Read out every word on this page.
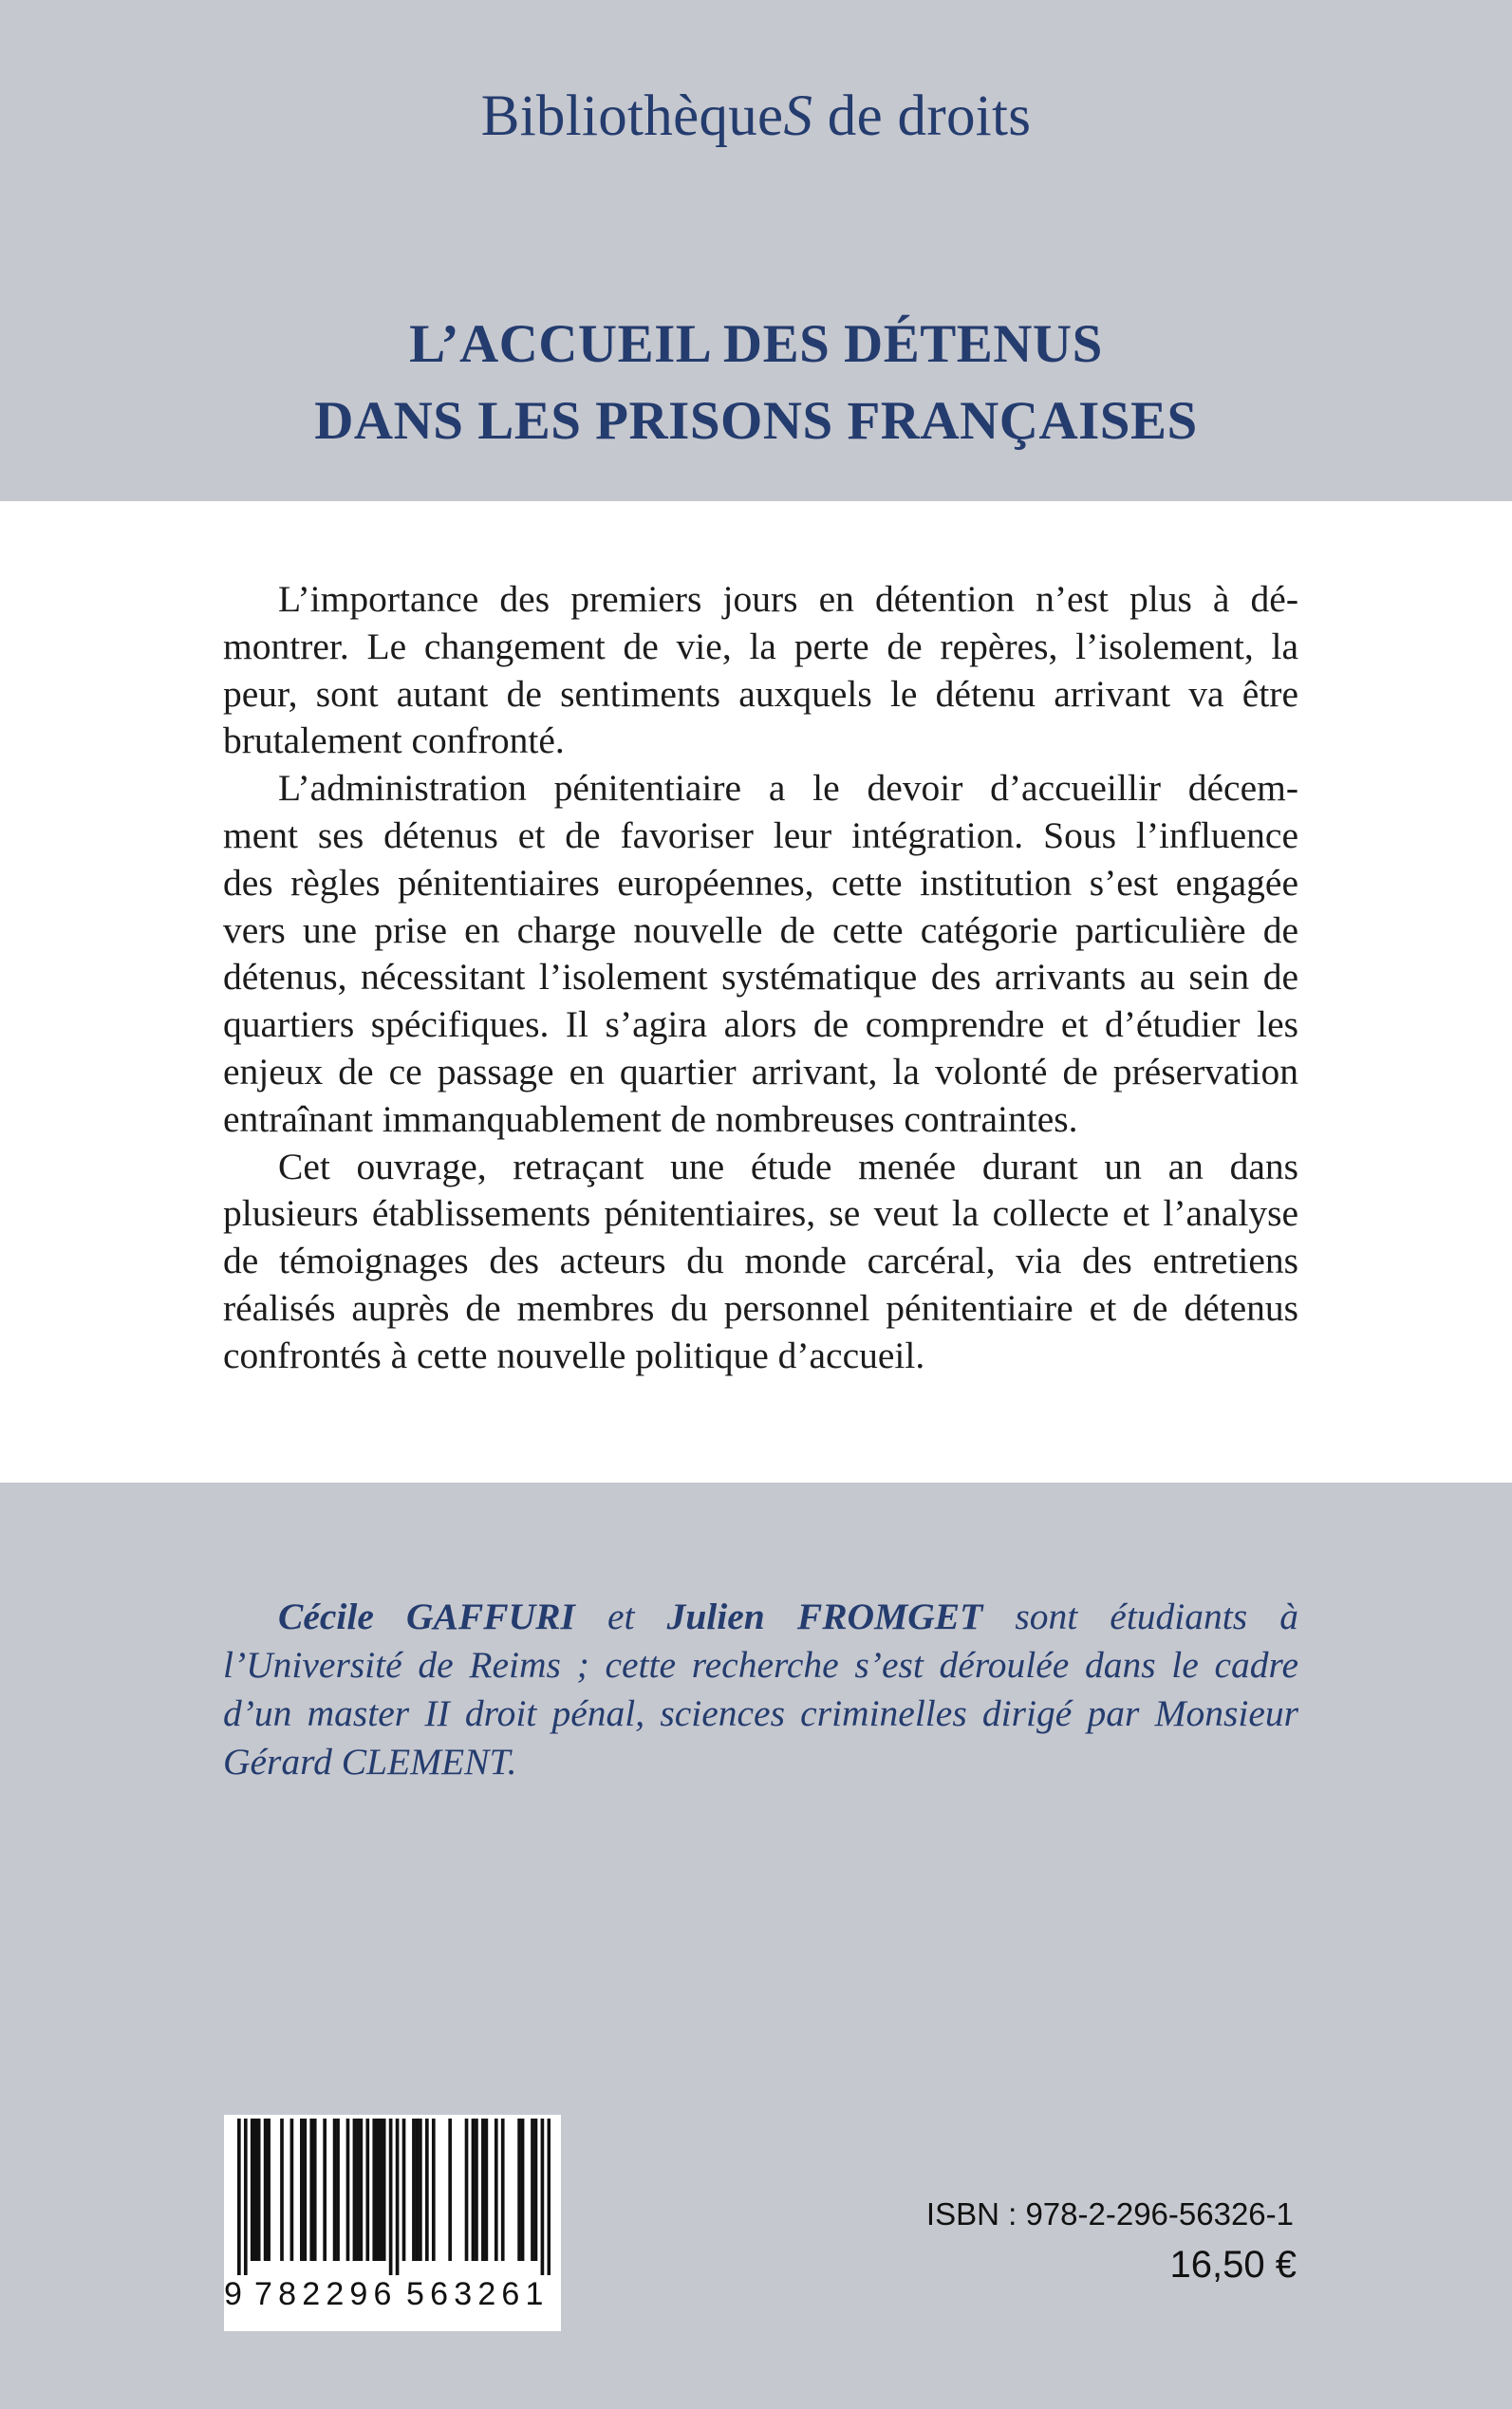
BibliothèqueS de droits
L’ACCUEIL DES DÉTENUS
DANS LES PRISONS FRANÇAISES
L’importance des premiers jours en détention n’est plus à dé-
montrer. Le changement de vie, la perte de repères, l’isolement, la
peur, sont autant de sentiments auxquels le détenu arrivant va être
brutalement confronté.
L’administration pénitentiaire a le devoir d’accueillir décem-
ment ses détenus et de favoriser leur intégration. Sous l’influence
des règles pénitentiaires européennes, cette institution s’est engagée
vers une prise en charge nouvelle de cette catégorie particulière de
détenus, nécessitant l’isolement systématique des arrivants au sein de
quartiers spécifiques. Il s’agira alors de comprendre et d’étudier les
enjeux de ce passage en quartier arrivant, la volonté de préservation
entraînant immanquablement de nombreuses contraintes.
Cet ouvrage, retraçant une étude menée durant un an dans
plusieurs établissements pénitentiaires, se veut la collecte et l’analyse
de témoignages des acteurs du monde carcéral, via des entretiens
réalisés auprès de membres du personnel pénitentiaire et de détenus
confrontés à cette nouvelle politique d’accueil.
Cécile GAFFURI et Julien FROMGET sont étudiants à
l’Université de Reims ; cette recherche s’est déroulée dans le cadre
d’un master II droit pénal, sciences criminelles dirigé par Monsieur
Gérard CLEMENT.
9 782296 563261
ISBN : 978-2-296-56326-1
16,50 €
